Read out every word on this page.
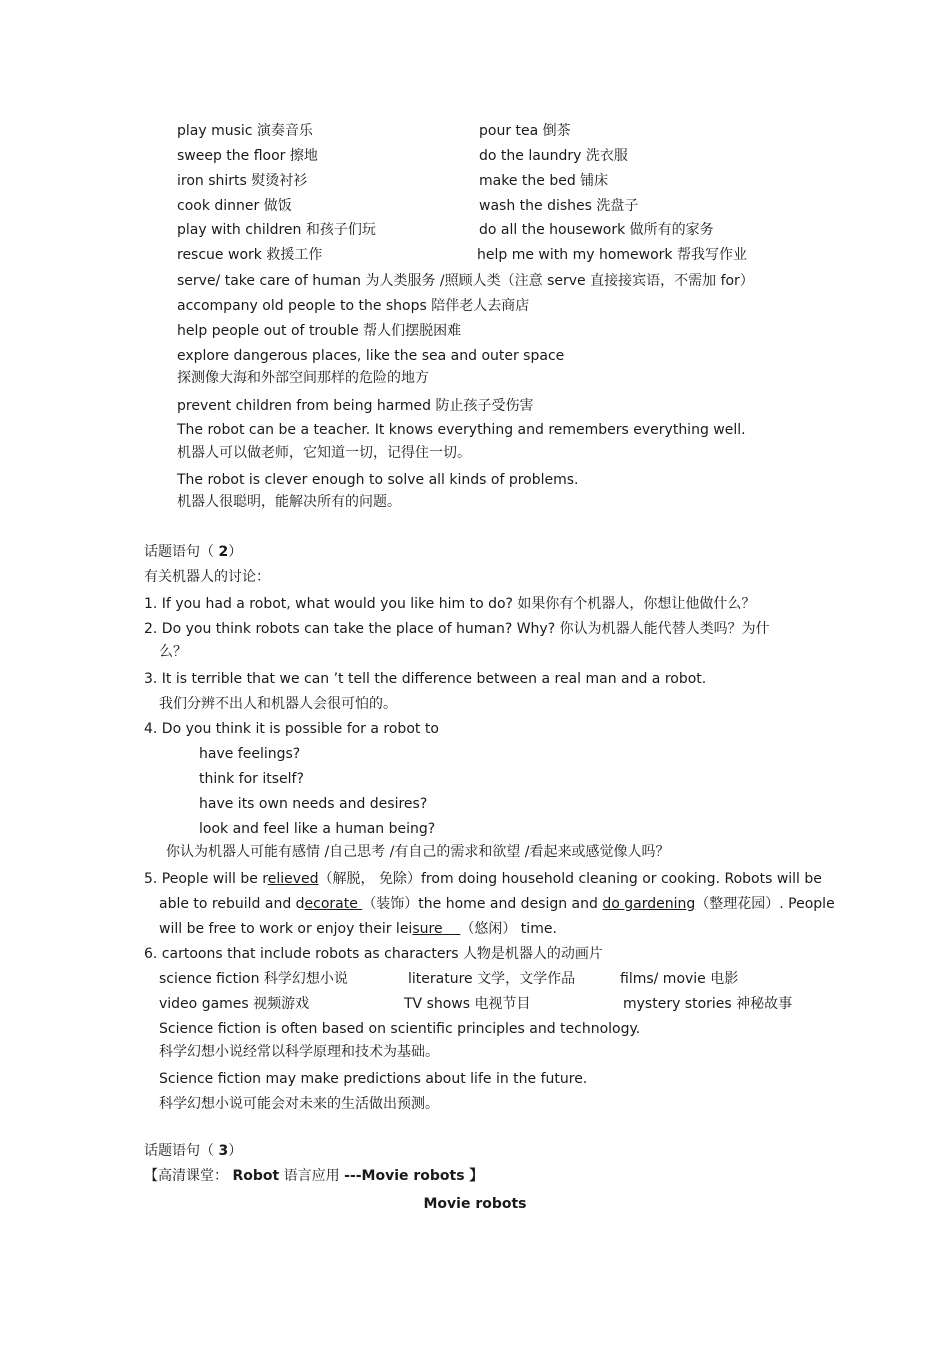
play music 演奏音乐	pour tea 倒茶
sweep the floor 擦地	do the laundry 洗衣服
iron shirts 熨烫衬衫	make the bed 铺床
cook dinner 做饭	wash the dishes 洗盘子
play with children 和孩子们玩	do all the housework 做所有的家务
rescue work 救援工作	help me with my homework 帮我写作业
serve/ take care of human 为人类服务 /照顾人类（注意 serve 直接接宾语，不需加 for）
accompany old people to the shops 陪伴老人去商店
help people out of trouble 帮人们摆脱困难
explore dangerous places, like the sea and outer space
探测像大海和外部空间那样的危险的地方
prevent children from being harmed 防止孩子受伤害
The robot can be a teacher. It knows everything and remembers everything well.
机器人可以做老师，它知道一切，记得住一切。
The robot is clever enough to solve all kinds of problems.
机器人很聪明，能解决所有的问题。
话题语句（ 2）
有关机器人的讨论：
1. If you had a robot, what would you like him to do? 如果你有个机器人，你想让他做什么？
2. Do you think robots can take the place of human? Why? 你认为机器人能代替人类吗？为什
么？
3. It is terrible that we can ’t tell the difference between a real man and a robot.
我们分辨不出人和机器人会很可怕的。
4. Do you think it is possible for a robot to
have feelings?
think for itself?
have its own needs and desires?
look and feel like a human being?
你认为机器人可能有感情 /自己思考 /有自己的需求和欲望 /看起来或感觉像人吗？
5. People will be relieved（解脱， 免除）from doing household cleaning or cooking. Robots will be
able to rebuild and decorate （装饰）the home and design and do gardening（整理花园）. People
will be free to work or enjoy their leisure    （悠闲） time.
6. cartoons that include robots as characters 人物是机器人的动画片
science fiction 科学幻想小说	literature 文学，文学作品	films/ movie 电影
video games 视频游戏	TV shows 电视节目	mystery stories 神秘故事
Science fiction is often based on scientific principles and technology.
科学幻想小说经常以科学原理和技术为基础。
Science fiction may make predictions about life in the future.
科学幻想小说可能会对未来的生活做出预测。
话题语句（ 3）
【高清课堂： Robot 语言应用 ---Movie robots 】
Movie robots
